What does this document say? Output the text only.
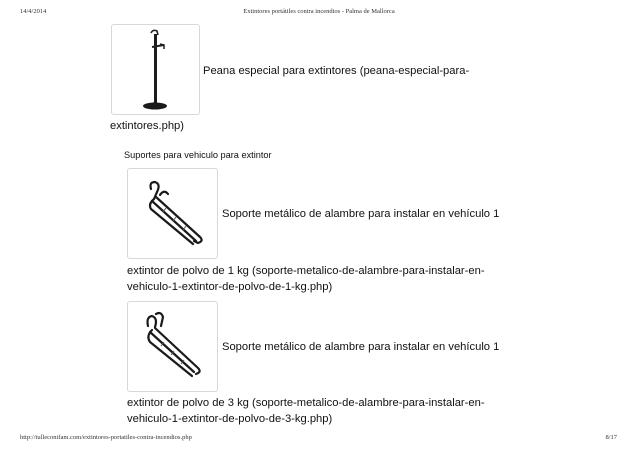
14/4/2014	Extintores portátiles contra incendios - Palma de Mallorca
Peana especial para extintores (peana-especial-para-
extintores.php)
Suportes para vehiculo para extintor
Soporte metálico de alambre para instalar en vehículo 1
extintor de polvo de 1 kg (soporte-metalico-de-alambre-para-instalar-en-
vehiculo-1-extintor-de-polvo-de-1-kg.php)
Soporte metálico de alambre para instalar en vehículo 1
extintor de polvo de 3 kg (soporte-metalico-de-alambre-para-instalar-en-
vehiculo-1-extintor-de-polvo-de-3-kg.php)
http://tulleconifam.com/extintores-portatiles-contra-incendios.php	8/17
